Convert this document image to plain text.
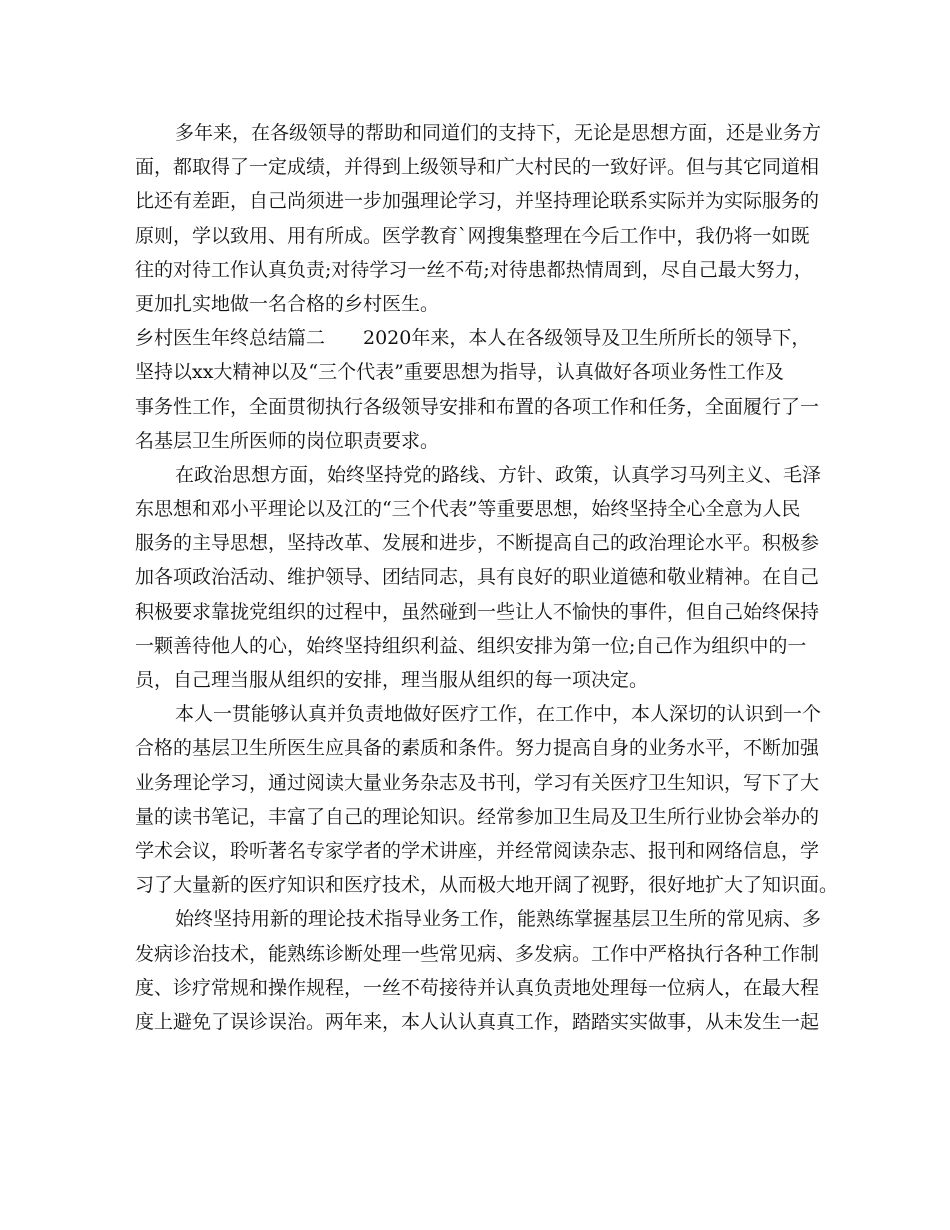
多年来，在各级领导的帮助和同道们的支持下，无论是思想方面，还是业务方
面，都取得了一定成绩，并得到上级领导和广大村民的一致好评。但与其它同道相
比还有差距，自己尚须进一步加强理论学习，并坚持理论联系实际并为实际服务的
原则，学以致用、用有所成。医学教育`网搜集整理在今后工作中，我仍将一如既
往的对待工作认真负责;对待学习一丝不苟;对待患都热情周到，尽自己最大努力，
更加扎实地做一名合格的乡村医生。
乡村医生年终总结篇二　　2020年来，本人在各级领导及卫生所所长的领导下，
坚持以xx大精神以及“三个代表”重要思想为指导，认真做好各项业务性工作及
事务性工作，全面贯彻执行各级领导安排和布置的各项工作和任务，全面履行了一
名基层卫生所医师的岗位职责要求。
在政治思想方面，始终坚持党的路线、方针、政策，认真学习马列主义、毛泽
东思想和邓小平理论以及江的“三个代表”等重要思想，始终坚持全心全意为人民
服务的主导思想，坚持改革、发展和进步，不断提高自己的政治理论水平。积极参
加各项政治活动、维护领导、团结同志，具有良好的职业道德和敬业精神。在自己
积极要求靠拢党组织的过程中，虽然碰到一些让人不愉快的事件，但自己始终保持
一颗善待他人的心，始终坚持组织利益、组织安排为第一位;自己作为组织中的一
员，自己理当服从组织的安排，理当服从组织的每一项决定。
本人一贯能够认真并负责地做好医疗工作，在工作中，本人深切的认识到一个
合格的基层卫生所医生应具备的素质和条件。努力提高自身的业务水平，不断加强
业务理论学习，通过阅读大量业务杂志及书刊，学习有关医疗卫生知识，写下了大
量的读书笔记，丰富了自己的理论知识。经常参加卫生局及卫生所行业协会举办的
学术会议，聆听著名专家学者的学术讲座，并经常阅读杂志、报刊和网络信息，学
习了大量新的医疗知识和医疗技术，从而极大地开阔了视野，很好地扩大了知识面。
始终坚持用新的理论技术指导业务工作，能熟练掌握基层卫生所的常见病、多
发病诊治技术，能熟练诊断处理一些常见病、多发病。工作中严格执行各种工作制
度、诊疗常规和操作规程，一丝不苟接待并认真负责地处理每一位病人，在最大程
度上避免了误诊误治。两年来，本人认认真真工作，踏踏实实做事，从未发生一起
